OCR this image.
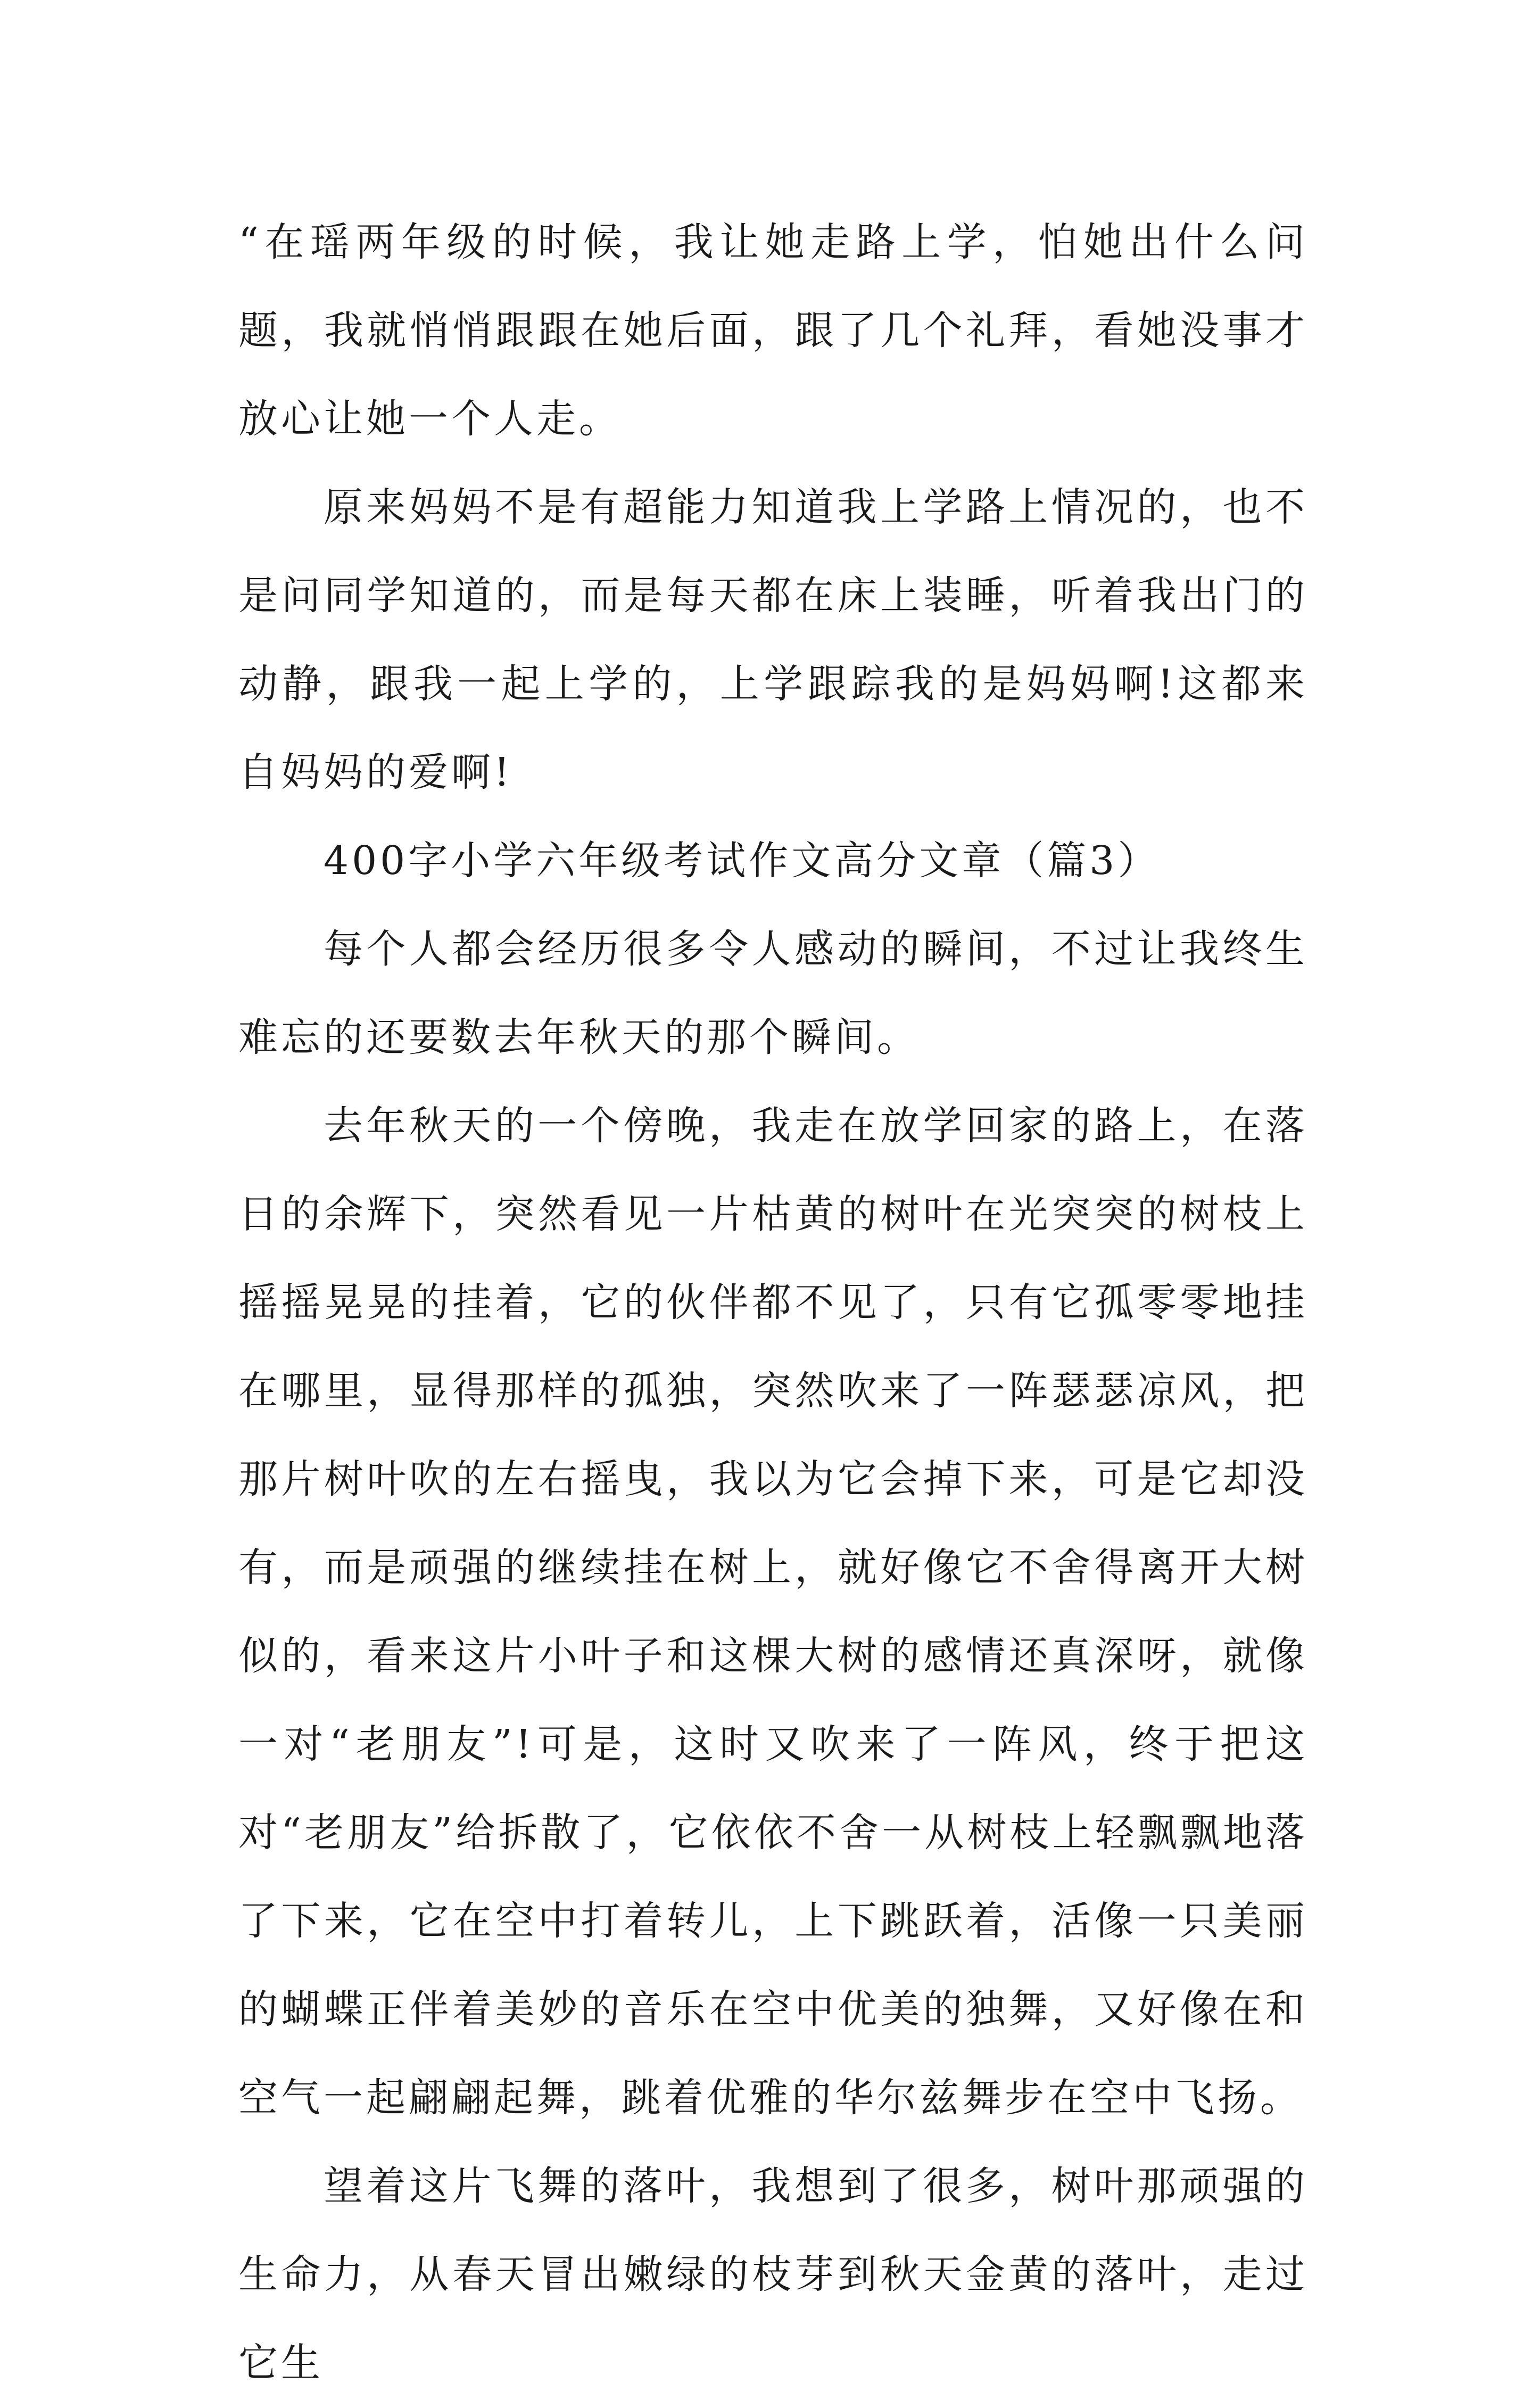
“在瑶两年级的时候，我让她走路上学，怕她出什么问题，我就悄悄跟跟在她后面，跟了几个礼拜，看她没事才放心让她一个人走。

原来妈妈不是有超能力知道我上学路上情况的，也不是问同学知道的，而是每天都在床上装睡，听着我出门的动静，跟我一起上学的，上学跟踪我的是妈妈啊!这都来自妈妈的爱啊!

400字小学六年级考试作文高分文章（篇3）

每个人都会经历很多令人感动的瞬间，不过让我终生难忘的还要数去年秋天的那个瞬间。

去年秋天的一个傍晚，我走在放学回家的路上，在落日的余辉下，突然看见一片枯黄的树叶在光突突的树枝上摇摇晃晃的挂着，它的伙伴都不见了，只有它孤零零地挂在哪里，显得那样的孤独，突然吹来了一阵瑟瑟凉风，把那片树叶吹的左右摇曳，我以为它会掉下来，可是它却没有，而是顽强的继续挂在树上，就好像它不舍得离开大树似的，看来这片小叶子和这棵大树的感情还真深呀，就像一对“老朋友”!可是，这时又吹来了一阵风，终于把这对“老朋友”给拆散了，它依依不舍一从树枝上轻飘飘地落了下来，它在空中打着转儿，上下跳跃着，活像一只美丽的蝴蝶正伴着美妙的音乐在空中优美的独舞，又好像在和空气一起翩翩起舞，跳着优雅的华尔兹舞步在空中飞扬。

望着这片飞舞的落叶，我想到了很多，树叶那顽强的生命力，从春天冒出嫩绿的枝芽到秋天金黄的落叶，走过它生
